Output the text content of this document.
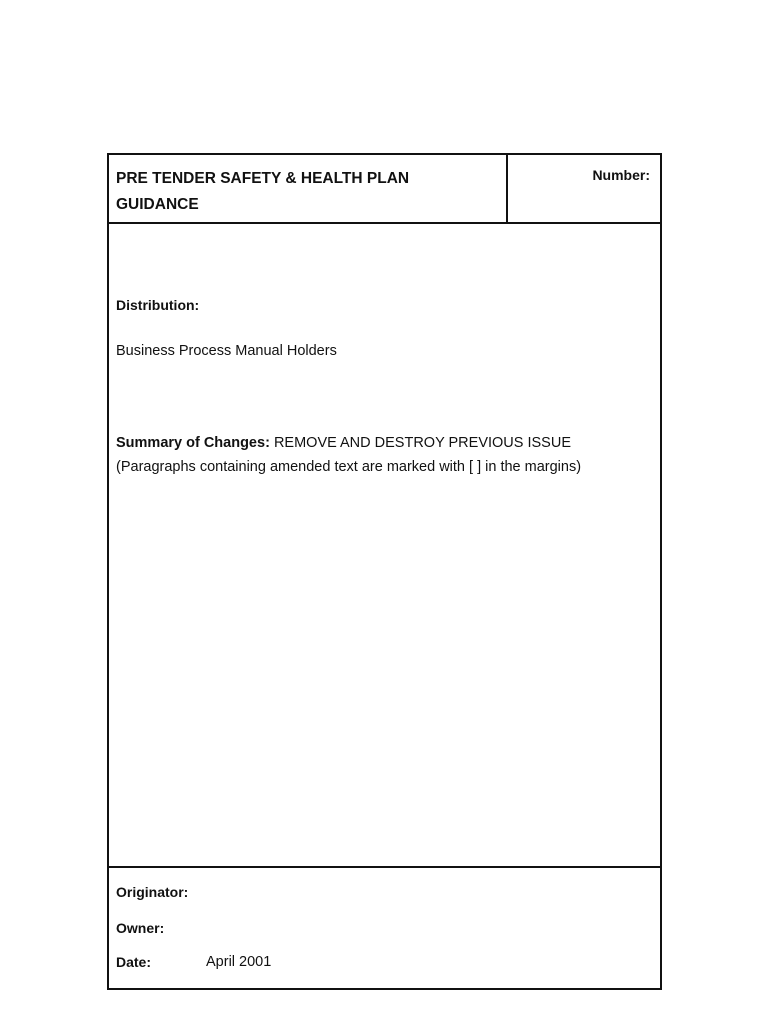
PRE TENDER SAFETY & HEALTH PLAN GUIDANCE

Number:
Distribution:
Business Process Manual Holders
Summary of Changes: REMOVE AND DESTROY PREVIOUS ISSUE
(Paragraphs containing amended text are marked with [ ] in the margins)
Originator:
Owner:
Date:	April 2001
